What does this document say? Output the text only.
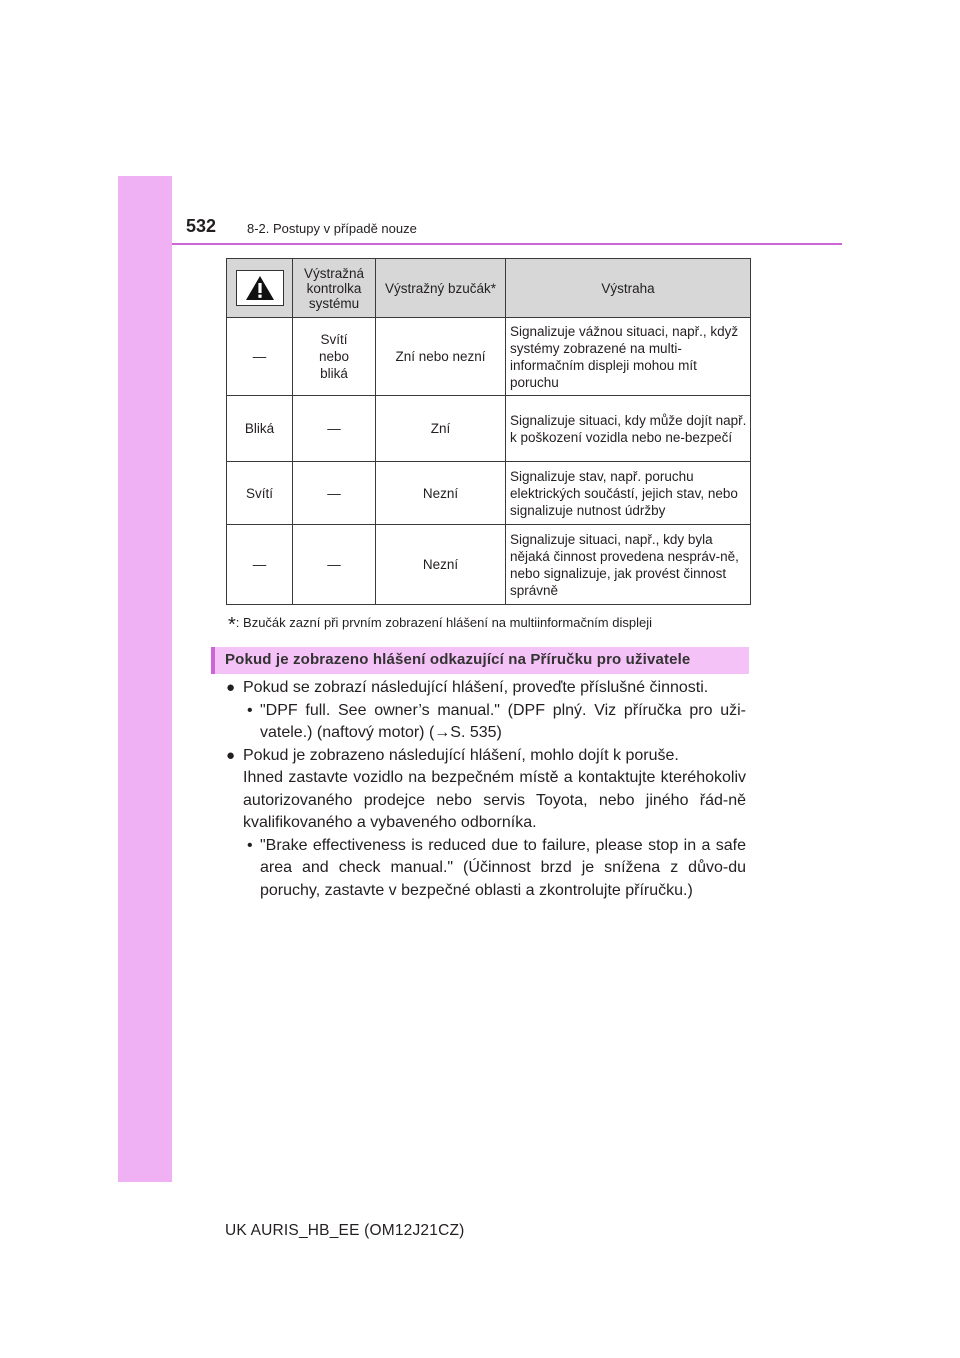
532 8-2. Postupy v případě nouze
	Výstražná kontrolka systému	Výstražný bzučák*	Výstraha
—	Svítí nebo bliká	Zní nebo nezní	Signalizuje vážnou situaci, např., když systémy zobrazené na multi-informačním displeji mohou mít poruchu
Bliká	—	Zní	Signalizuje situaci, kdy může dojít např. k poškození vozidla nebo ne-bezpečí
Svítí	—	Nezní	Signalizuje stav, např. poruchu elektrických součástí, jejich stav, nebo signalizuje nutnost údržby
—	—	Nezní	Signalizuje situaci, např., kdy byla nějaká činnost provedena nespráv-ně, nebo signalizuje, jak provést činnost správně
*: Bzučák zazní při prvním zobrazení hlášení na multiinformačním displeji
Pokud je zobrazeno hlášení odkazující na Příručku pro uživatele
● Pokud se zobrazí následující hlášení, proveďte příslušné činnosti.
• "DPF full. See owner’s manual." (DPF plný. Viz příručka pro uži-vatele.) (naftový motor) (→S. 535)
● Pokud je zobrazeno následující hlášení, mohlo dojít k poruše.
Ihned zastavte vozidlo na bezpečném místě a kontaktujte kteréhokoliv autorizovaného prodejce nebo servis Toyota, nebo jiného řád-ně kvalifikovaného a vybaveného odborníka.
• "Brake effectiveness is reduced due to failure, please stop in a safe area and check manual." (Účinnost brzd je snížena z důvo-du poruchy, zastavte v bezpečné oblasti a zkontrolujte příručku.)
UK AURIS_HB_EE (OM12J21CZ)
